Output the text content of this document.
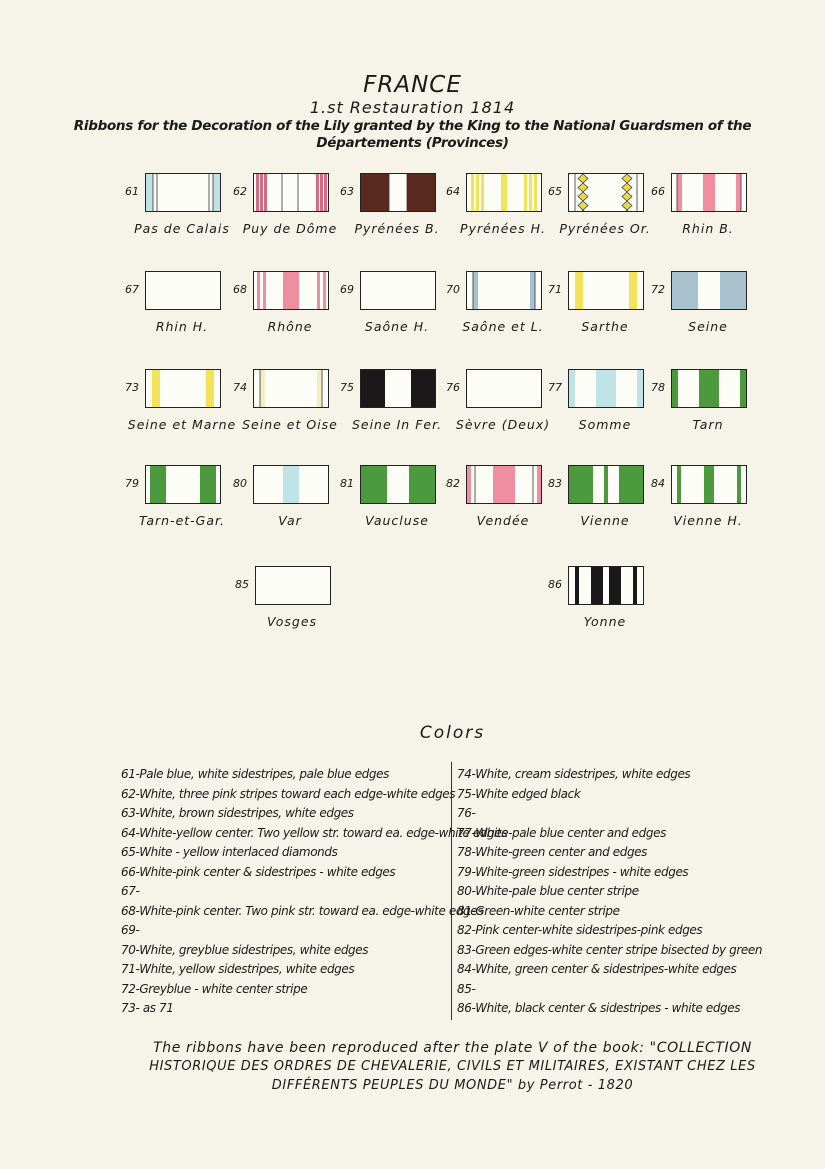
FRANCE
1.st Restauration 1814
Ribbons for the Decoration of the Lily granted by the King to the National Guardsmen of the
Départements (Provinces)
61
Pas de Calais
62
Puy de Dôme
63
Pyrénées B.
64
Pyrénées H.
65
Pyrénées Or.
66
Rhin B.
67
Rhin H.
68
Rhône
69
Saône H.
70
Saône et L.
71
Sarthe
72
Seine
73
Seine et Marne
74
Seine et Oise
75
Seine In Fer.
76
Sèvre (Deux)
77
Somme
78
Tarn
79
Tarn-et-Gar.
80
Var
81
Vaucluse
82
Vendée
83
Vienne
84
Vienne H.
85
Vosges
86
Yonne
Colors
61-Pale blue, white sidestripes, pale blue edges
62-White, three pink stripes toward each edge-white edges
63-White, brown sidestripes, white edges
64-White-yellow center. Two yellow str. toward ea. edge-white edges
65-White - yellow interlaced diamonds
66-White-pink center & sidestripes - white edges
67-
68-White-pink center. Two pink str. toward ea. edge-white edges
69-
70-White, greyblue sidestripes, white edges
71-White, yellow sidestripes, white edges
72-Greyblue - white center stripe
73- as 71
74-White, cream sidestripes, white edges
75-White edged black
76-
77-White-pale blue center and edges
78-White-green center and edges
79-White-green sidestripes - white edges
80-White-pale blue center stripe
81-Green-white center stripe
82-Pink center-white sidestripes-pink edges
83-Green edges-white center stripe bisected by green
84-White, green center & sidestripes-white edges
85-
86-White, black center & sidestripes - white edges
The ribbons have been reproduced after the plate V of the book: "COLLECTION
HISTORIQUE DES ORDRES DE CHEVALERIE, CIVILS ET MILITAIRES, EXISTANT CHEZ LES
DIFFÉRENTS PEUPLES DU MONDE" by Perrot - 1820
